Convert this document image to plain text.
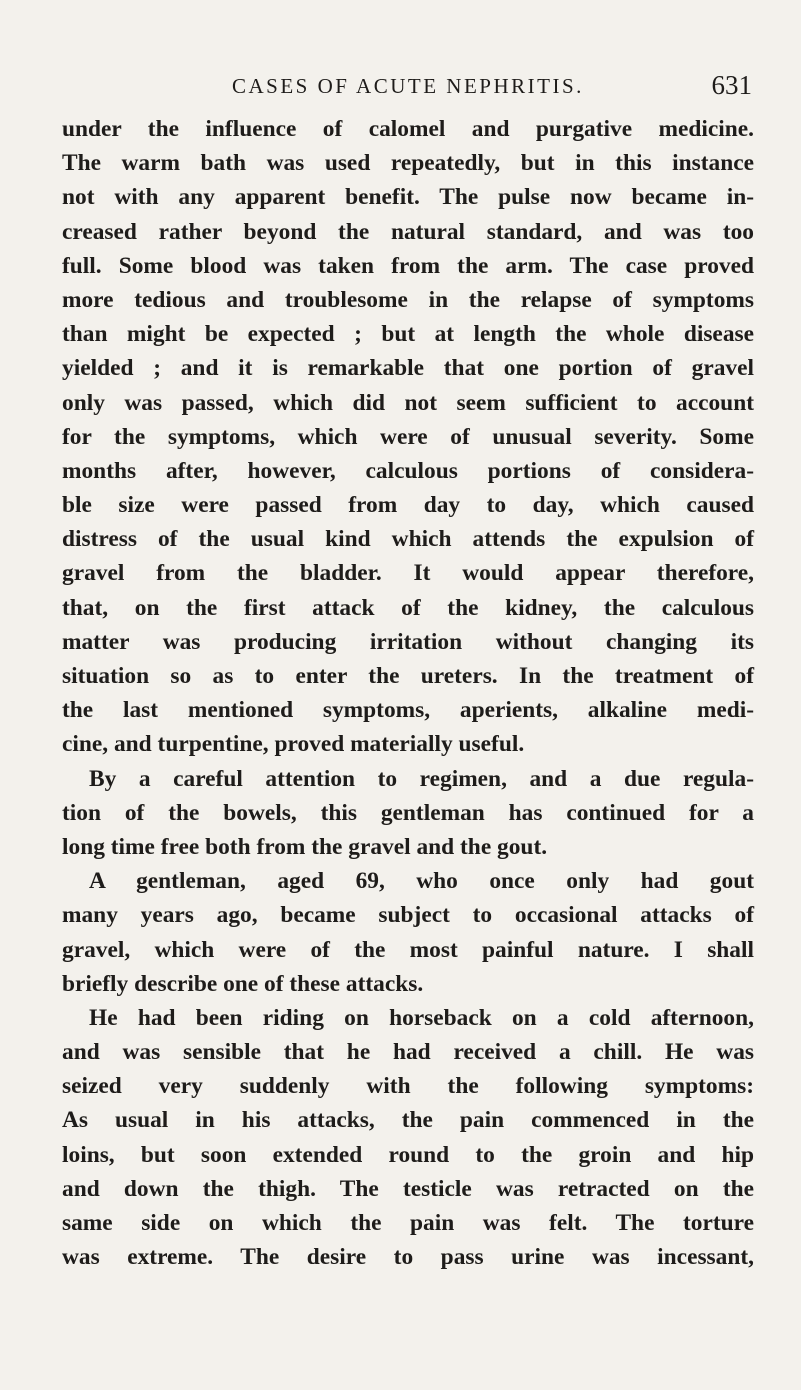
CASES OF ACUTE NEPHRITIS.	631
under the influence of calomel and purgative medicine.
The warm bath was used repeatedly, but in this instance
not with any apparent benefit. The pulse now became in-
creased rather beyond the natural standard, and was too
full. Some blood was taken from the arm. The case proved
more tedious and troublesome in the relapse of symptoms
than might be expected ; but at length the whole disease
yielded ; and it is remarkable that one portion of gravel
only was passed, which did not seem sufficient to account
for the symptoms, which were of unusual severity. Some
months after, however, calculous portions of considera-
ble size were passed from day to day, which caused
distress of the usual kind which attends the expulsion of
gravel from the bladder. It would appear therefore,
that, on the first attack of the kidney, the calculous
matter was producing irritation without changing its
situation so as to enter the ureters. In the treatment of
the last mentioned symptoms, aperients, alkaline medi-
cine, and turpentine, proved materially useful.
By a careful attention to regimen, and a due regula-
tion of the bowels, this gentleman has continued for a
long time free both from the gravel and the gout.
A gentleman, aged 69, who once only had gout
many years ago, became subject to occasional attacks of
gravel, which were of the most painful nature. I shall
briefly describe one of these attacks.
He had been riding on horseback on a cold afternoon,
and was sensible that he had received a chill. He was
seized very suddenly with the following symptoms:
As usual in his attacks, the pain commenced in the
loins, but soon extended round to the groin and hip
and down the thigh. The testicle was retracted on the
same side on which the pain was felt. The torture
was extreme. The desire to pass urine was incessant,
